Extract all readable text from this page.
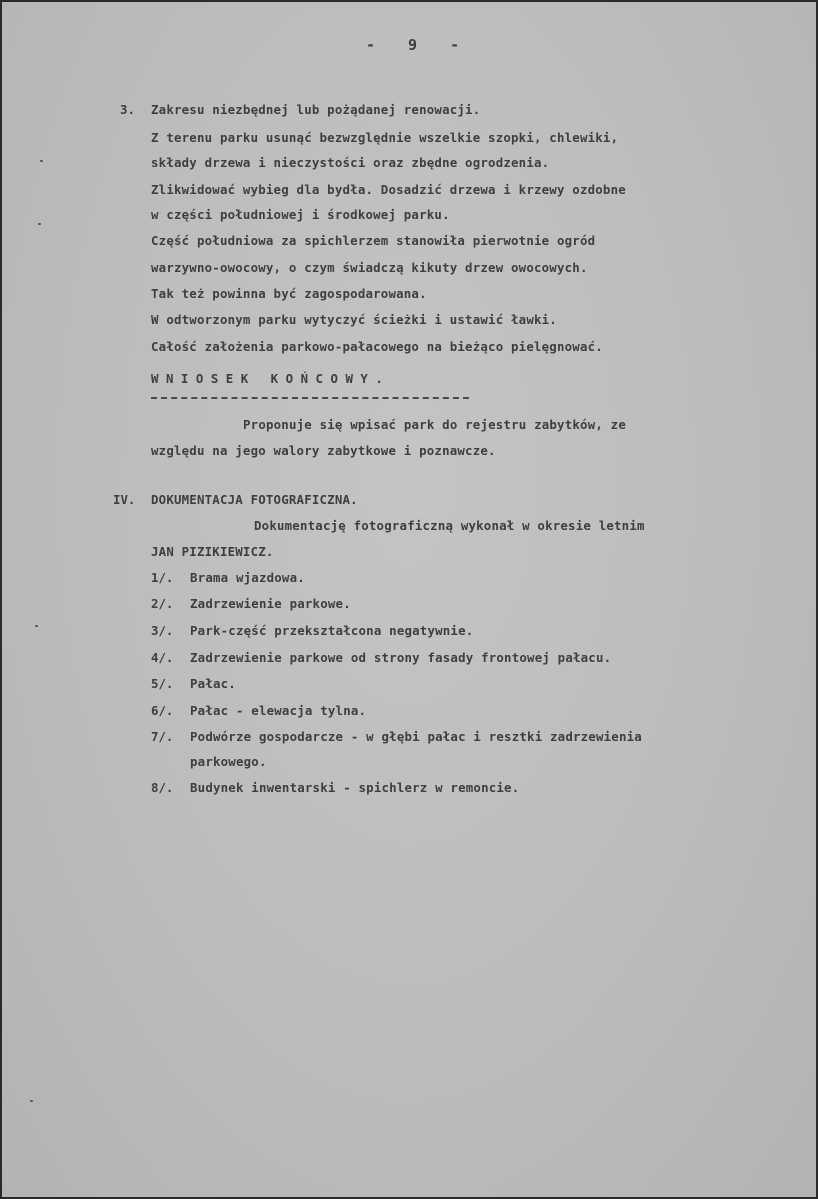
- 9 -
3. Zakresu niezbędnej lub pożądanej renowacji.
Z terenu parku usunąć bezwzględnie wszelkie szopki, chlewiki,
składy drzewa i nieczystości oraz zbędne ogrodzenia.
Zlikwidować wybieg dla bydła. Dosadzić drzewa i krzewy ozdobne
w części południowej i środkowej parku.
Część południowa za spichlerzem stanowiła pierwotnie ogród
warzywno-owocowy, o czym świadczą kikuty drzew owocowych.
Tak też powinna być zagospodarowana.
W odtworzonym parku wytyczyć ścieżki i ustawić ławki.
Całość założenia parkowo-pałacowego na bieżąco pielęgnować.
WNIOSEK KOŃCOWY.
Proponuje się wpisać park do rejestru zabytków, ze
względu na jego walory zabytkowe i poznawcze.
IV. DOKUMENTACJA FOTOGRAFICZNA.
Dokumentację fotograficzną wykonał w okresie letnim
JAN PIZIKIEWICZ.
1/. Brama wjazdowa.
2/. Zadrzewienie parkowe.
3/. Park-część przekształcona negatywnie.
4/. Zadrzewienie parkowe od strony fasady frontowej pałacu.
5/. Pałac.
6/. Pałac - elewacja tylna.
7/. Podwórze gospodarcze - w głębi pałac i resztki zadrzewienia
parkowego.
8/. Budynek inwentarski - spichlerz w remoncie.
